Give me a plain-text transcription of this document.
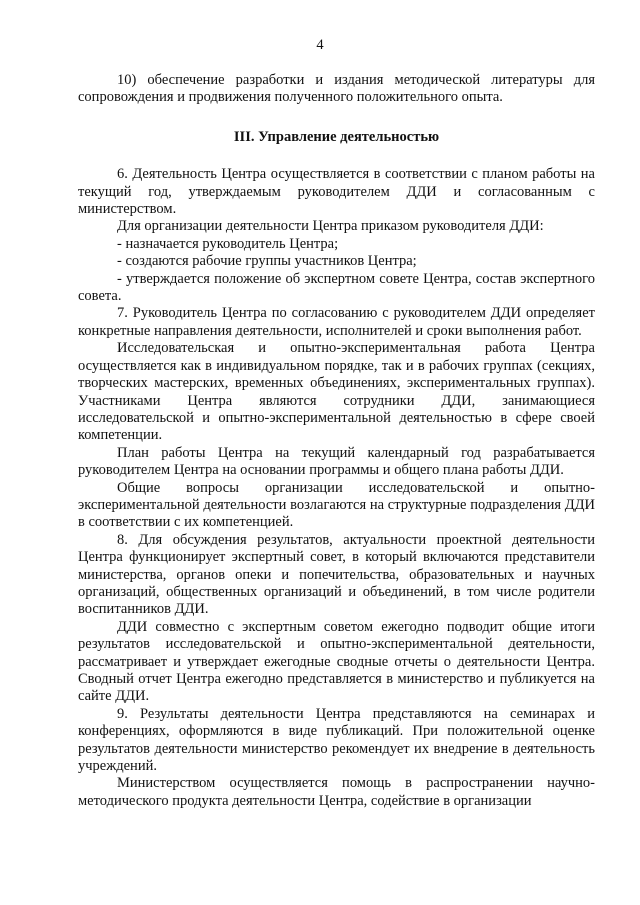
4

10) обеспечение разработки и издания методической литературы для сопровождения и продвижения полученного положительного опыта.

III. Управление деятельностью

6. Деятельность Центра осуществляется в соответствии с планом работы на текущий год, утверждаемым руководителем ДДИ и согласованным с министерством.

Для организации деятельности Центра приказом руководителя ДДИ:

- назначается руководитель Центра;

- создаются рабочие группы участников Центра;

- утверждается положение об экспертном совете Центра, состав экспертного совета.

7. Руководитель Центра по согласованию с руководителем ДДИ определяет конкретные направления деятельности, исполнителей и сроки выполнения работ.

Исследовательская и опытно-экспериментальная работа Центра осуществляется как в индивидуальном порядке, так и в рабочих группах (секциях, творческих мастерских, временных объединениях, экспериментальных группах). Участниками Центра являются сотрудники ДДИ, занимающиеся исследовательской и опытно-экспериментальной деятельностью в сфере своей компетенции.

План работы Центра на текущий календарный год разрабатывается руководителем Центра на основании программы и общего плана работы ДДИ.

Общие вопросы организации исследовательской и опытно-экспериментальной деятельности возлагаются на структурные подразделения ДДИ в соответствии с их компетенцией.

8. Для обсуждения результатов, актуальности проектной деятельности Центра функционирует экспертный совет, в который включаются представители министерства, органов опеки и попечительства, образовательных и научных организаций, общественных организаций и объединений, в том числе родители воспитанников ДДИ.

ДДИ совместно с экспертным советом ежегодно подводит общие итоги результатов исследовательской и опытно-экспериментальной деятельности, рассматривает и утверждает ежегодные сводные отчеты о деятельности Центра. Сводный отчет Центра ежегодно представляется в министерство и публикуется на сайте ДДИ.

9. Результаты деятельности Центра представляются на семинарах и конференциях, оформляются в виде публикаций. При положительной оценке результатов деятельности министерство рекомендует их внедрение в деятельность учреждений.

Министерством осуществляется помощь в распространении научно-методического продукта деятельности Центра, содействие в организации
